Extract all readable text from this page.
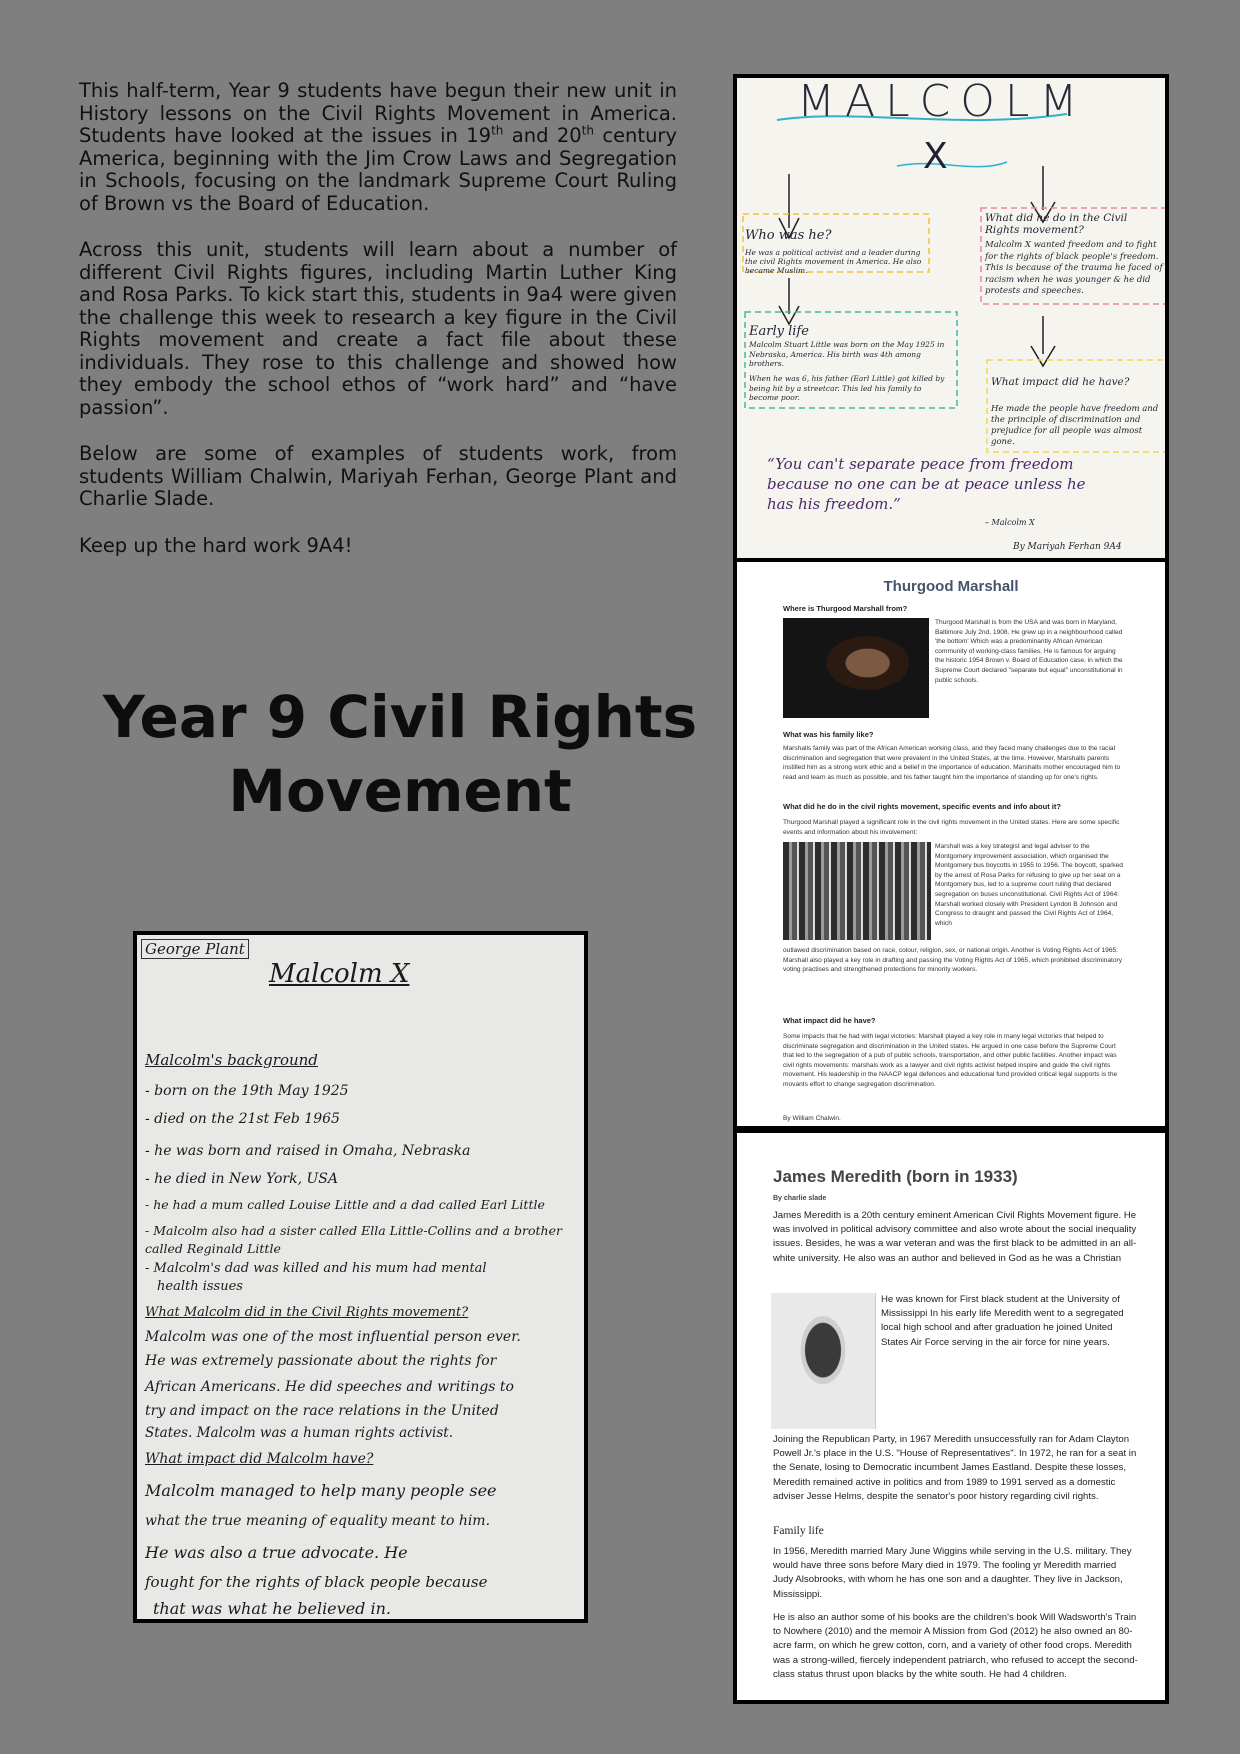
This half-term, Year 9 students have begun their new unit in History lessons on the Civil Rights Movement in America. Students have looked at the issues in 19th and 20th century America, beginning with the Jim Crow Laws and Segregation in Schools, focusing on the landmark Supreme Court Ruling of Brown vs the Board of Education.

Across this unit, students will learn about a number of different Civil Rights figures, including Martin Luther King and Rosa Parks. To kick start this, students in 9a4 were given the challenge this week to research a key figure in the Civil Rights movement and create a fact file about these individuals. They rose to this challenge and showed how they embody the school ethos of “work hard” and “have passion”.

Below are some of examples of students work, from students William Chalwin, Mariyah Ferhan, George Plant and Charlie Slade.

Keep up the hard work 9A4!

Year 9 Civil Rights
Movement
MALCOLM
X
Who was he?
He was a political activist and a leader during the civil Rights movement in America. He also became Muslim.
What did he do in the Civil Rights movement?
Malcolm X wanted freedom and to fight for the rights of black people's freedom. This is because of the trauma he faced of racism when he was younger & he did protests and speeches.
Early life
Malcolm Stuart Little was born on the May 1925 in Nebraska, America. His birth was 4th among brothers.
When he was 6, his father (Earl Little) got killed by being hit by a streetcar. This led his family to become poor.
What impact did he have?
He made the people have freedom and the principle of discrimination and prejudice for all people was almost gone.
“You can't separate peace from freedom because no one can be at peace unless he has his freedom.”
– Malcolm X
By Mariyah Ferhan 9A4
Thurgood Marshall
Where is Thurgood Marshall from?
Thurgood Marshall is from the USA and was born in Maryland, Baltimore July 2nd, 1908. He grew up in a neighbourhood called 'the bottom' Which was a predominantly African American community of working-class families. He is famous for arguing the historic 1954 Brown v. Board of Education case, in which the Supreme Court declared "separate but equal" unconstitutional in public schools.
What was his family like?
Marshalls family was part of the African American working class, and they faced many challenges due to the racial discrimination and segregation that were prevalent in the United States, at the time. However, Marshalls parents instilled him as a strong work ethic and a belief in the importance of education. Marshalls mother encouraged him to read and learn as much as possible, and his father taught him the importance of standing up for one's rights.
What did he do in the civil rights movement, specific events and info about it?
Thurgood Marshall played a significant role in the civil rights movement in the United states. Here are some specific events and information about his involvement:
Marshall was a key strategist and legal adviser to the Montgomery improvement association, which organised the Montgomery bus boycotts in 1955 to 1956. The boycott, sparked by the arrest of Rosa Parks for refusing to give up her seat on a Montgomery bus, led to a supreme court ruling that declared segregation on buses unconstitutional. Civil Rights Act of 1964: Marshall worked closely with President Lyndon B Johnson and Congress to draught and passed the Civil Rights Act of 1964, which
outlawed discrimination based on race, colour, religion, sex, or national origin. Another is Voting Rights Act of 1965: Marshall also played a key role in drafting and passing the Voting Rights Act of 1965, which prohibited discriminatory voting practises and strengthened protections for minority workers.
What impact did he have?
Some impacts that he had with legal victories: Marshall played a key role in many legal victories that helped to discriminate segregation and discrimination in the United states. He argued in one case before the Supreme Court that led to the segregation of a pub of public schools, transportation, and other public facilities. Another impact was civil rights movements: marshals work as a lawyer and civil rights activist helped inspire and guide the civil rights movement. His leadership in the NAACP legal defences and educational fund provided critical legal supports is the movants effort to change segregation discrimination.
By William Chalwin.
James Meredith (born in 1933)
By charlie slade
James Meredith is a 20th century eminent American Civil Rights Movement figure. He was involved in political advisory committee and also wrote about the social inequality issues. Besides, he was a war veteran and was the first black to be admitted in an all-white university. He also was an author and believed in God as he was a Christian
He was known for First black student at the University of Mississippi In his early life Meredith went to a segregated local high school and after graduation he joined United States Air Force serving in the air force for nine years.
Joining the Republican Party, in 1967 Meredith unsuccessfully ran for Adam Clayton Powell Jr.'s place in the U.S. "House of Representatives". In 1972, he ran for a seat in the Senate, losing to Democratic incumbent James Eastland. Despite these losses, Meredith remained active in politics and from 1989 to 1991 served as a domestic adviser Jesse Helms, despite the senator's poor history regarding civil rights.
Family life
In 1956, Meredith married Mary June Wiggins while serving in the U.S. military. They would have three sons before Mary died in 1979. The fooling yr Meredith married Judy Alsobrooks, with whom he has one son and a daughter. They live in Jackson, Mississippi.
He is also an author some of his books are the children's book Will Wadsworth's Train to Nowhere (2010) and the memoir A Mission from God (2012) he also owned an 80-acre farm, on which he grew cotton, corn, and a variety of other food crops. Meredith was a strong-willed, fiercely independent patriarch, who refused to accept the second-class status thrust upon blacks by the white south. He had 4 children.
George Plant
Malcolm X
Malcolm's background
- born on the 19th May 1925
- died on the 21st Feb 1965
- he was born and raised in Omaha, Nebraska
- he died in New York, USA
- he had a mum called Louise Little and a dad called Earl Little
- Malcolm also had a sister called Ella Little-Collins and a brother
called Reginald Little
- Malcolm's dad was killed and his mum had mental
health issues
What Malcolm did in the Civil Rights movement?
Malcolm was one of the most influential person ever.
He was extremely passionate about the rights for
African Americans. He did speeches and writings to
try and impact on the race relations in the United
States. Malcolm was a human rights activist.
What impact did Malcolm have?
Malcolm managed to help many people see
what the true meaning of equality meant to him.
He was also a true advocate. He
fought for the rights of black people because
that was what he believed in.
